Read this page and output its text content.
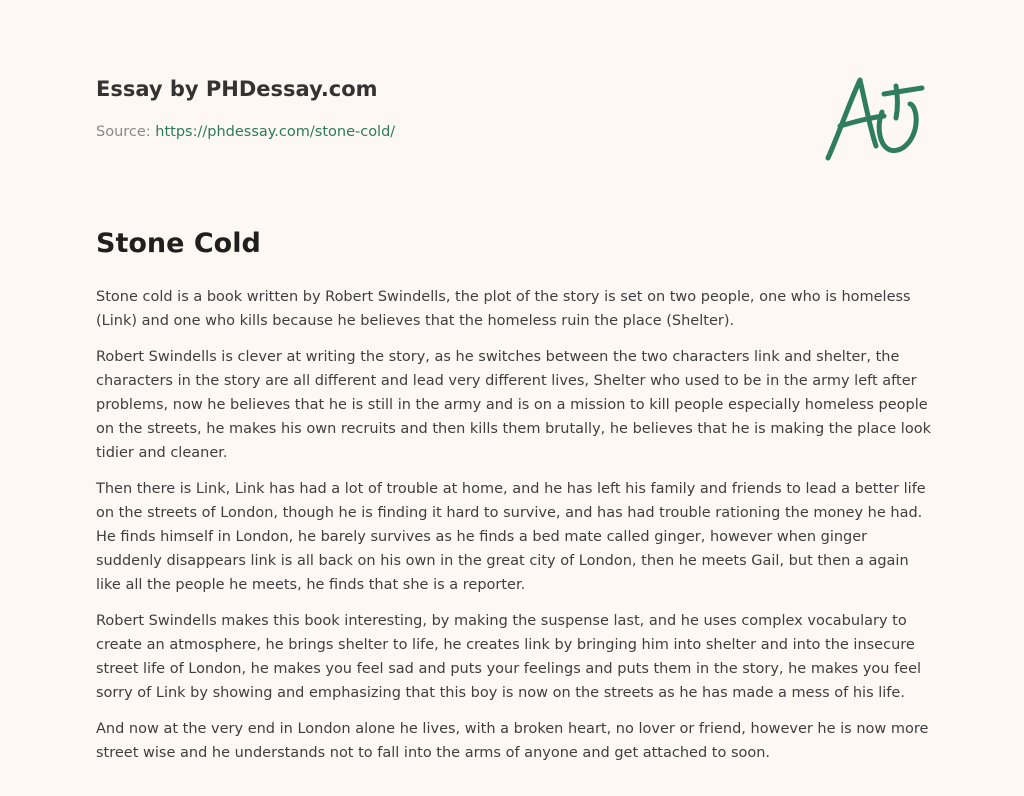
Essay by PHDessay.com
Source: https://phdessay.com/stone-cold/
Stone Cold

Stone cold is a book written by Robert Swindells, the plot of the story is set on two people, one who is homeless (Link) and one who kills because he believes that the homeless ruin the place (Shelter).

Robert Swindells is clever at writing the story, as he switches between the two characters link and shelter, the characters in the story are all different and lead very different lives, Shelter who used to be in the army left after problems, now he believes that he is still in the army and is on a mission to kill people especially homeless people on the streets, he makes his own recruits and then kills them brutally, he believes that he is making the place look tidier and cleaner.

Then there is Link, Link has had a lot of trouble at home, and he has left his family and friends to lead a better life on the streets of London, though he is finding it hard to survive, and has had trouble rationing the money he had. He finds himself in London, he barely survives as he finds a bed mate called ginger, however when ginger suddenly disappears link is all back on his own in the great city of London, then he meets Gail, but then a again like all the people he meets, he finds that she is a reporter.

Robert Swindells makes this book interesting, by making the suspense last, and he uses complex vocabulary to create an atmosphere, he brings shelter to life, he creates link by bringing him into shelter and into the insecure street life of London, he makes you feel sad and puts your feelings and puts them in the story, he makes you feel sorry of Link by showing and emphasizing that this boy is now on the streets as he has made a mess of his life.

And now at the very end in London alone he lives, with a broken heart, no lover or friend, however he is now more street wise and he understands not to fall into the arms of anyone and get attached to soon.
